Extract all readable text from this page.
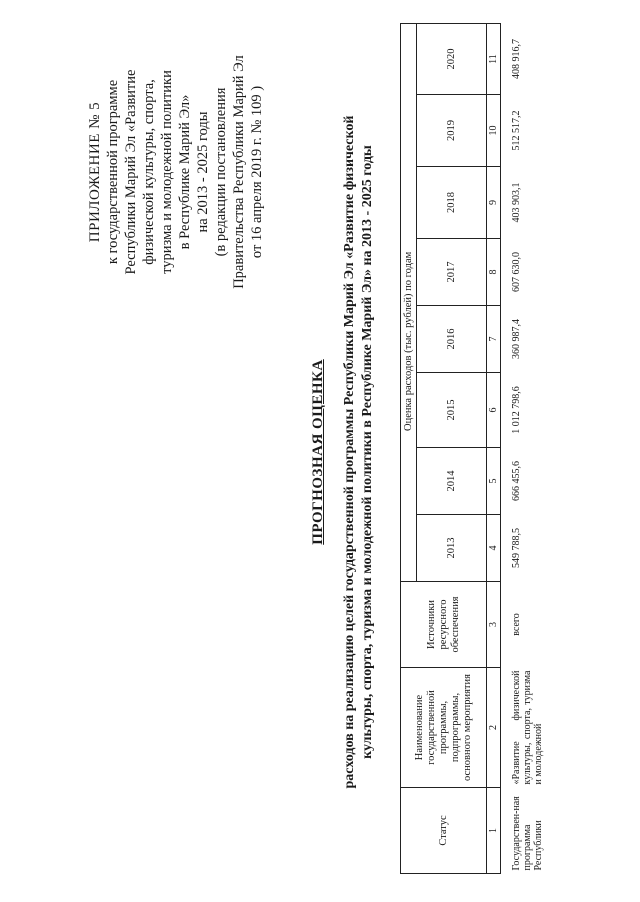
ПРИЛОЖЕНИЕ № 5 к государственной программе Республики Марий Эл «Развитие физической культуры, спорта, туризма и молодежной политики в Республике Марий Эл» на 2013 - 2025 годы (в редакции постановления Правительства Республики Марий Эл от 16 апреля 2019 г. № 109 )
ПРОГНОЗНАЯ ОЦЕНКА расходов на реализацию целей государственной программы Республики Марий Эл «Развитие физической культуры, спорта, туризма и молодежной политики в Республике Марий Эл» на 2013 - 2025 годы
Статус	Наименование государственной программы, подпрограммы, основного мероприятия	Источники ресурсного обеспечения	Оценка расходов (тыс. рублей) по годам							
			2013	2014	2015	2016	2017	2018	2019	2020
1	2	3	4	5	6	7	8	9	10	11
Государствен-ная программа Республики	«Развитие физической культуры, спорта, туризма и молодежной	всего	549 788,5	666 455,6	1 012 798,6	360 987,4	607 630,0	403 903,1	512 517,2	408 916,7
